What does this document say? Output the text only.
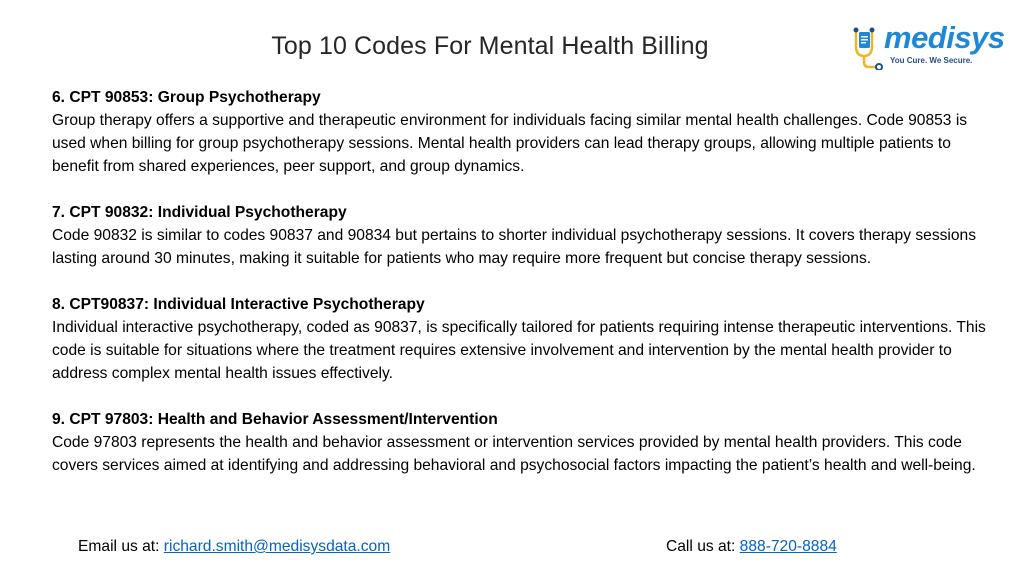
Top 10 Codes For Mental Health Billing	medisys
You Cure. We Secure.
6. CPT 90853: Group Psychotherapy
Group therapy offers a supportive and therapeutic environment for individuals facing similar mental health challenges. Code 90853 is used when billing for group psychotherapy sessions. Mental health providers can lead therapy groups, allowing multiple patients to benefit from shared experiences, peer support, and group dynamics.
7. CPT 90832: Individual Psychotherapy
Code 90832 is similar to codes 90837 and 90834 but pertains to shorter individual psychotherapy sessions. It covers therapy sessions lasting around 30 minutes, making it suitable for patients who may require more frequent but concise therapy sessions.
8. CPT90837: Individual Interactive Psychotherapy
Individual interactive psychotherapy, coded as 90837, is specifically tailored for patients requiring intense therapeutic interventions. This code is suitable for situations where the treatment requires extensive involvement and intervention by the mental health provider to address complex mental health issues effectively.
9. CPT 97803: Health and Behavior Assessment/Intervention
Code 97803 represents the health and behavior assessment or intervention services provided by mental health providers. This code covers services aimed at identifying and addressing behavioral and psychosocial factors impacting the patient’s health and well-being.
Email us at: richard.smith@medisysdata.com	Call us at: 888-720-8884
